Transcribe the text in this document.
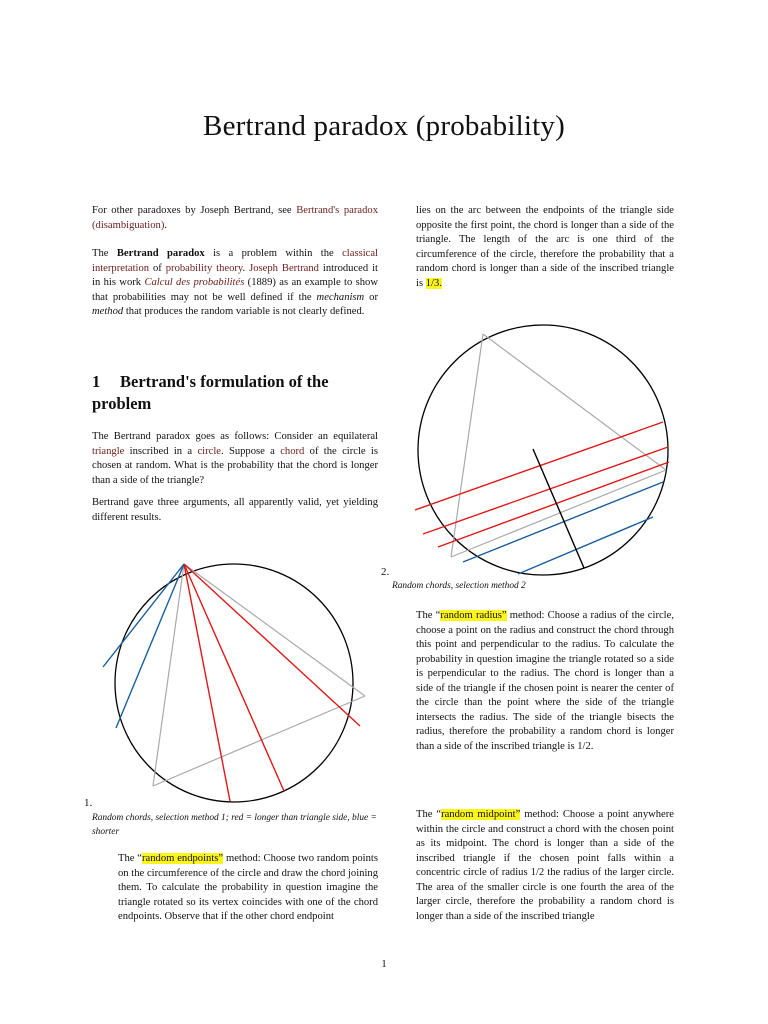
Bertrand paradox (probability)

For other paradoxes by Joseph Bertrand, see Bertrand's paradox (disambiguation).

The Bertrand paradox is a problem within the classical interpretation of probability theory. Joseph Bertrand introduced it in his work Calcul des probabilités (1889) as an example to show that probabilities may not be well defined if the mechanism or method that produces the random variable is not clearly defined.

1 Bertrand's formulation of the problem

The Bertrand paradox goes as follows: Consider an equilateral triangle inscribed in a circle. Suppose a chord of the circle is chosen at random. What is the probability that the chord is longer than a side of the triangle?

Bertrand gave three arguments, all apparently valid, yet yielding different results.

1.
Random chords, selection method 1; red = longer than triangle side, blue = shorter

The “random endpoints” method: Choose two random points on the circumference of the circle and draw the chord joining them. To calculate the probability in question imagine the triangle rotated so its vertex coincides with one of the chord endpoints. Observe that if the other chord endpoint

lies on the arc between the endpoints of the triangle side opposite the first point, the chord is longer than a side of the triangle. The length of the arc is one third of the circumference of the circle, therefore the probability that a random chord is longer than a side of the inscribed triangle is 1/3.

2.
Random chords, selection method 2

The “random radius” method: Choose a radius of the circle, choose a point on the radius and construct the chord through this point and perpendicular to the radius. To calculate the probability in question imagine the triangle rotated so a side is perpendicular to the radius. The chord is longer than a side of the triangle if the chosen point is nearer the center of the circle than the point where the side of the triangle intersects the radius. The side of the triangle bisects the radius, therefore the probability a random chord is longer than a side of the inscribed triangle is 1/2.

The “random midpoint” method: Choose a point anywhere within the circle and construct a chord with the chosen point as its midpoint. The chord is longer than a side of the inscribed triangle if the chosen point falls within a concentric circle of radius 1/2 the radius of the larger circle. The area of the smaller circle is one fourth the area of the larger circle, therefore the probability a random chord is longer than a side of the inscribed triangle

1
